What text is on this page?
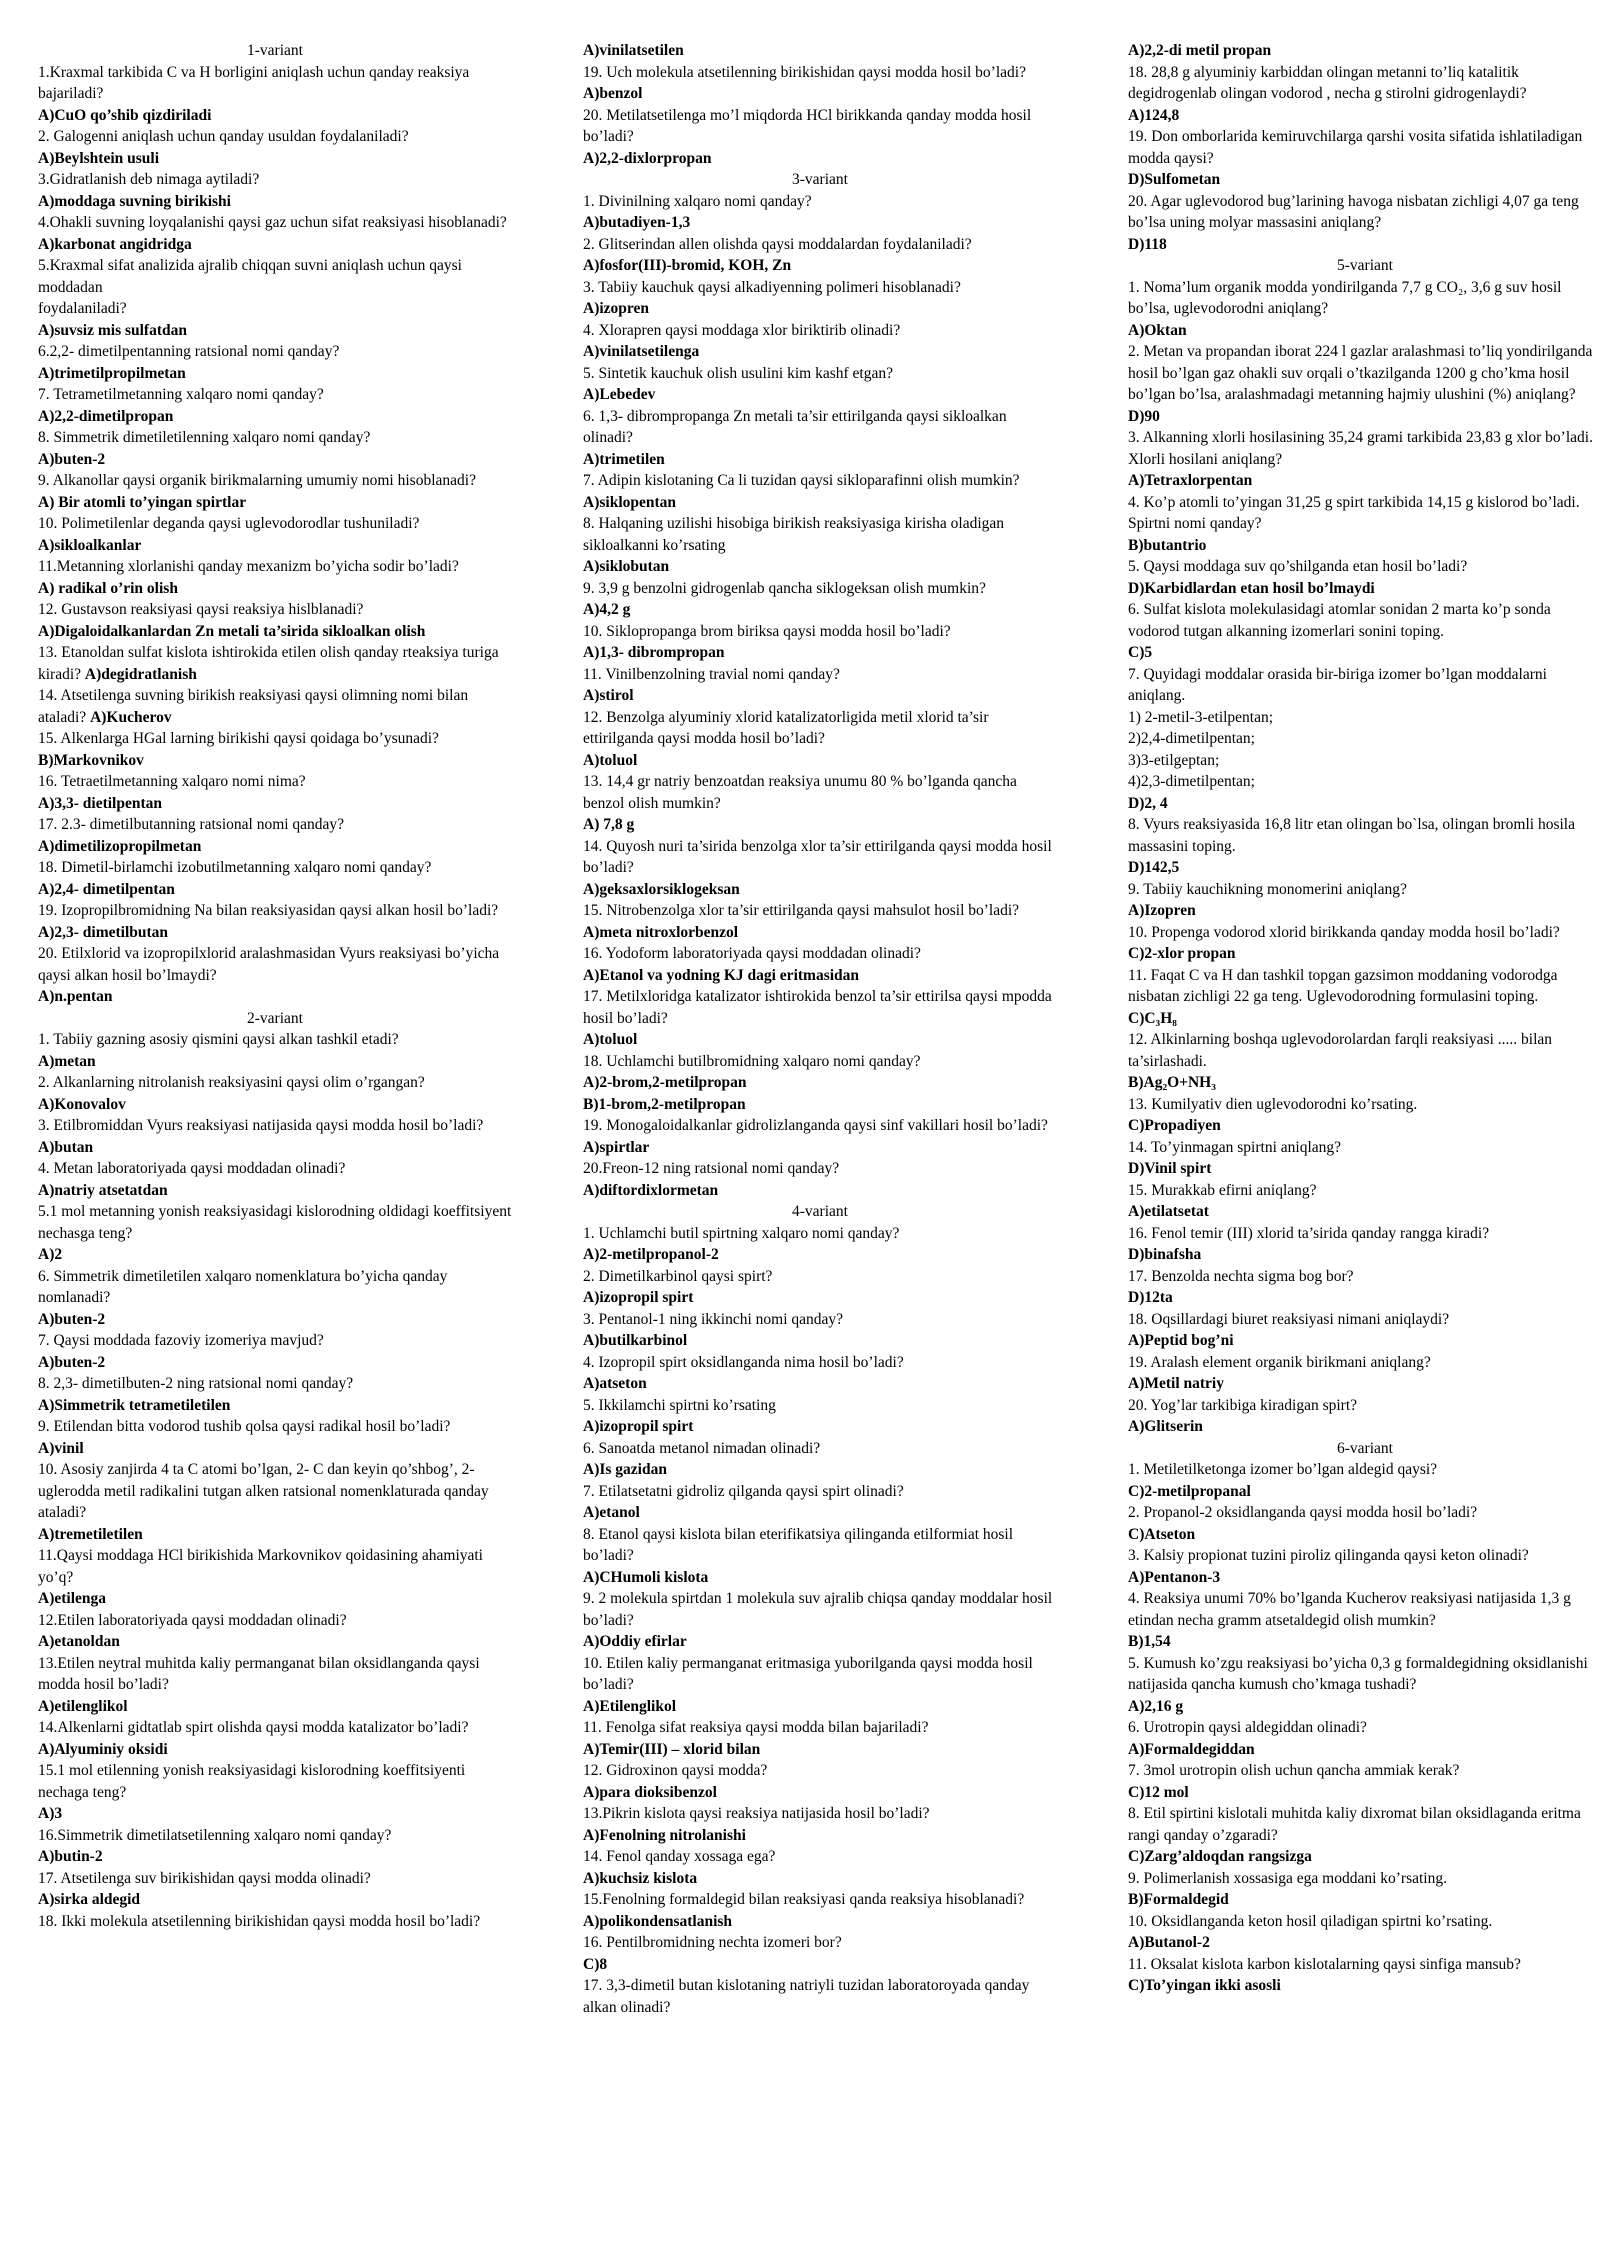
1-variant

1.Kraxmal tarkibida C va H borligini aniqlash uchun qanday reaksiya bajariladi?

A)CuO qo’shib qizdiriladi

2. Galogenni aniqlash uchun qanday usuldan foydalaniladi?

A)Beylshtein usuli

3.Gidratlanish deb nimaga aytiladi?

A)moddaga suvning birikishi

4.Ohakli suvning loyqalanishi qaysi gaz uchun sifat reaksiyasi hisoblanadi? A)karbonat angidridga

5.Kraxmal sifat analizida ajralib chiqqan suvni aniqlash uchun qaysi moddadan

foydalaniladi?

A)suvsiz mis sulfatdan

6.2,2- dimetilpentanning ratsional nomi qanday?

A)trimetilpropilmetan

7. Tetrametilmetanning xalqaro nomi qanday?

A)2,2-dimetilpropan

8. Simmetrik dimetiletilenning xalqaro nomi qanday?

A)buten-2

9. Alkanollar qaysi organik birikmalarning umumiy nomi hisoblanadi?

A) Bir atomli to’yingan spirtlar

10. Polimetilenlar deganda qaysi uglevodorodlar tushuniladi?

A)sikloalkanlar

11.Metanning xlorlanishi qanday mexanizm bo’yicha sodir bo’ladi?

A) radikal o’rin olish

12. Gustavson reaksiyasi qaysi reaksiya hislblanadi?

A)Digaloidalkanlardan Zn metali ta’sirida sikloalkan olish

13. Etanoldan sulfat kislota ishtirokida etilen olish qanday rteaksiya turiga kiradi? A)degidratlanish

14. Atsetilenga suvning birikish reaksiyasi qaysi olimning nomi bilan ataladi? A)Kucherov

15. Alkenlarga HGal larning birikishi qaysi qoidaga bo’ysunadi?

B)Markovnikov

16. Tetraetilmetanning xalqaro nomi nima?

A)3,3- dietilpentan

17. 2.3- dimetilbutanning ratsional nomi qanday?

A)dimetilizopropilmetan

18. Dimetil-birlamchi izobutilmetanning xalqaro nomi qanday?

A)2,4- dimetilpentan

19. Izopropilbromidning Na bilan reaksiyasidan qaysi alkan hosil bo’ladi?

A)2,3- dimetilbutan

20. Etilxlorid va izopropilxlorid aralashmasidan Vyurs reaksiyasi bo’yicha qaysi alkan hosil bo’lmaydi?

A)n.pentan

2-variant

1. Tabiiy gazning asosiy qismini qaysi alkan tashkil etadi?

A)metan

2. Alkanlarning nitrolanish reaksiyasini qaysi olim o’rgangan?

A)Konovalov

3. Etilbromiddan Vyurs reaksiyasi natijasida qaysi modda hosil bo’ladi?

A)butan

4. Metan laboratoriyada qaysi moddadan olinadi?

A)natriy atsetatdan

5.1 mol metanning yonish reaksiyasidagi kislorodning oldidagi koeffitsiyent nechasga teng?

A)2

6. Simmetrik dimetiletilen xalqaro nomenklatura bo’yicha qanday nomlanadi?

A)buten-2

7. Qaysi moddada fazoviy izomeriya mavjud?

A)buten-2

8. 2,3- dimetilbuten-2 ning ratsional nomi qanday?

A)Simmetrik tetrametiletilen

9. Etilendan bitta vodorod tushib qolsa qaysi radikal hosil bo’ladi?

A)vinil

10. Asosiy zanjirda 4 ta C atomi bo’lgan, 2- C dan keyin qo’shbog’, 2- uglerodda metil radikalini tutgan alken ratsional nomenklaturada qanday ataladi?

A)tremetiletilen

11.Qaysi moddaga HCl birikishida Markovnikov qoidasining ahamiyati yo’q?

A)etilenga

12.Etilen laboratoriyada qaysi moddadan olinadi?

A)etanoldan

13.Etilen neytral muhitda kaliy permanganat bilan oksidlanganda qaysi modda hosil bo’ladi?

A)etilenglikol

14.Alkenlarni gidtatlab spirt olishda qaysi modda katalizator bo’ladi?

A)Alyuminiy oksidi

15.1 mol etilenning yonish reaksiyasidagi kislorodning koeffitsiyenti nechaga teng?

A)3

16.Simmetrik dimetilatsetilenning xalqaro nomi qanday?

A)butin-2

17. Atsetilenga suv birikishidan qaysi modda olinadi?

A)sirka aldegid

18. Ikki molekula atsetilenning birikishidan qaysi modda hosil bo’ladi?

A)vinilatsetilen

19. Uch molekula atsetilenning birikishidan qaysi modda hosil bo’ladi?

A)benzol

20. Metilatsetilenga mo’l miqdorda HCl birikkanda qanday modda hosil bo’ladi?

A)2,2-dixlorpropan

3-variant

1. Divinilning xalqaro nomi qanday?

A)butadiyen-1,3

2. Glitserindan allen olishda qaysi moddalardan foydalaniladi?

A)fosfor(III)-bromid, KOH, Zn

3. Tabiiy kauchuk qaysi alkadiyenning polimeri hisoblanadi?

A)izopren

4. Xlorapren qaysi moddaga xlor biriktirib olinadi?

A)vinilatsetilenga

5. Sintetik kauchuk olish usulini kim kashf etgan?

A)Lebedev

6. 1,3- dibrompropanga Zn metali ta’sir ettirilganda qaysi sikloalkan olinadi?

A)trimetilen

7. Adipin kislotaning Ca li tuzidan qaysi sikloparafinni olish mumkin?

A)siklopentan

8. Halqaning uzilishi hisobiga birikish reaksiyasiga kirisha oladigan sikloalkanni ko’rsating

A)siklobutan

9. 3,9 g benzolni gidrogenlab qancha siklogeksan olish mumkin?

A)4,2 g

10. Siklopropanga brom biriksa qaysi modda hosil bo’ladi?

A)1,3- dibrompropan

11. Vinilbenzolning travial nomi qanday?

A)stirol

12. Benzolga alyuminiy xlorid katalizatorligida metil xlorid ta’sir ettirilganda qaysi modda hosil bo’ladi?

A)toluol

13. 14,4 gr natriy benzoatdan reaksiya unumu 80 % bo’lganda qancha benzol olish mumkin?

A) 7,8 g

14. Quyosh nuri ta’sirida benzolga xlor ta’sir ettirilganda qaysi modda hosil bo’ladi?

A)geksaxlorsiklogeksan

15. Nitrobenzolga xlor ta’sir ettirilganda qaysi mahsulot hosil bo’ladi?

A)meta nitroxlorbenzol

16. Yodoform laboratoriyada qaysi moddadan olinadi?

A)Etanol va yodning KJ dagi eritmasidan

17. Metilxloridga katalizator ishtirokida benzol ta’sir ettirilsa qaysi mpodda hosil bo’ladi?

A)toluol

18. Uchlamchi butilbromidning xalqaro nomi qanday?

A)2-brom,2-metilpropan

B)1-brom,2-metilpropan

19. Monogaloidalkanlar gidrolizlanganda qaysi sinf vakillari hosil bo’ladi?

A)spirtlar

20.Freon-12 ning ratsional nomi qanday?

A)diftordixlormetan

4-variant

1. Uchlamchi butil spirtning xalqaro nomi qanday?

A)2-metilpropanol-2

2. Dimetilkarbinol qaysi spirt?

A)izopropil spirt

3. Pentanol-1 ning ikkinchi nomi qanday?

A)butilkarbinol

4. Izopropil spirt oksidlanganda nima hosil bo’ladi?

A)atseton

5. Ikkilamchi spirtni ko’rsating

A)izopropil spirt

6. Sanoatda metanol nimadan olinadi?

A)Is gazidan

7. Etilatsetatni gidroliz qilganda qaysi spirt olinadi?

A)etanol

8. Etanol qaysi kislota bilan eterifikatsiya qilinganda etilformiat hosil bo’ladi?

A)CHumoli kislota

9. 2 molekula spirtdan 1 molekula suv ajralib chiqsa qanday moddalar hosil bo’ladi?

A)Oddiy efirlar

10. Etilen kaliy permanganat eritmasiga yuborilganda qaysi modda hosil bo’ladi?

A)Etilenglikol

11. Fenolga sifat reaksiya qaysi modda bilan bajariladi?

A)Temir(III) – xlorid bilan

12. Gidroxinon qaysi modda?

A)para dioksibenzol

13.Pikrin kislota qaysi reaksiya natijasida hosil bo’ladi?

A)Fenolning nitrolanishi

14. Fenol qanday xossaga ega?

A)kuchsiz kislota

15.Fenolning formaldegid bilan reaksiyasi qanda reaksiya hisoblanadi?

A)polikondensatlanish

16. Pentilbromidning nechta izomeri bor?

C)8

17. 3,3-dimetil butan kislotaning natriyli tuzidan laboratoroyada qanday alkan olinadi?

A)2,2-di metil propan

18. 28,8 g alyuminiy karbiddan olingan metanni to’liq katalitik degidrogenlab olingan vodorod , necha g stirolni gidrogenlaydi?

A)124,8

19. Don omborlarida kemiruvchilarga qarshi vosita sifatida ishlatiladigan modda qaysi?

D)Sulfometan

20. Agar uglevodorod bug’larining havoga nisbatan zichligi 4,07 ga teng bo’lsa uning molyar massasini aniqlang?

D)118

5-variant

1. Noma’lum organik modda yondirilganda 7,7 g CO₂, 3,6 g suv hosil bo’lsa, uglevodorodni aniqlang?

A)Oktan

2. Metan va propandan iborat 224 l gazlar aralashmasi to’liq yondirilganda hosil bo’lgan gaz ohakli suv orqali o’tkazilganda 1200 g cho’kma hosil bo’lgan bo’lsa, aralashmadagi metanning hajmiy ulushini (%) aniqlang?

D)90

3. Alkanning xlorli hosilasining 35,24 grami tarkibida 23,83 g xlor bo’ladi. Xlorli hosilani aniqlang?

A)Tetraxlorpentan

4. Ko’p atomli to’yingan 31,25 g spirt tarkibida 14,15 g kislorod bo’ladi. Spirtni nomi qanday?

B)butantrio

5. Qaysi moddaga suv qo’shilganda etan hosil bo’ladi?

D)Karbidlardan etan hosil bo’lmaydi

6. Sulfat kislota molekulasidagi atomlar sonidan 2 marta ko’p sonda vodorod tutgan alkanning izomerlari sonini toping.

C)5

7. Quyidagi moddalar orasida bir-biriga izomer bo’lgan moddalarni aniqlang.

1) 2-metil-3-etilpentan;

2)2,4-dimetilpentan;

3)3-etilgeptan;

4)2,3-dimetilpentan;

D)2, 4

8. Vyurs reaksiyasida 16,8 litr etan olingan bo`lsa, olingan bromli hosila massasini toping.

D)142,5

9. Tabiiy kauchikning monomerini aniqlang?

A)Izopren

10. Propenga vodorod xlorid birikkanda qanday modda hosil bo’ladi?

C)2-xlor propan

11. Faqat C va H dan tashkil topgan gazsimon moddaning vodorodga nisbatan zichligi 22 ga teng. Uglevodorodning formulasini toping.

C)C₃H₈

12. Alkinlarning boshqa uglevodorolardan farqli reaksiyasi ..... bilan ta’sirlashadi.

B)Ag₂O+NH₃

13. Kumilyativ dien uglevodorodni ko’rsating.

C)Propadiyen

14. To’yinmagan spirtni aniqlang?

D)Vinil spirt

15. Murakkab efirni aniqlang?

A)etilatsetat

16. Fenol temir (III) xlorid ta’sirida qanday rangga kiradi?

D)binafsha

17. Benzolda nechta sigma bog bor?

D)12ta

18. Oqsillardagi biuret reaksiyasi nimani aniqlaydi?

A)Peptid bog’ni

19. Aralash element organik birikmani aniqlang?

A)Metil natriy

20. Yog’lar tarkibiga kiradigan spirt?

A)Glitserin

6-variant

1. Metiletilketonga izomer bo’lgan aldegid qaysi?

C)2-metilpropanal

2. Propanol-2 oksidlanganda qaysi modda hosil bo’ladi?

C)Atseton

3. Kalsiy propionat tuzini piroliz qilinganda qaysi keton olinadi?

A)Pentanon-3

4. Reaksiya unumi 70% bo’lganda Kucherov reaksiyasi natijasida 1,3 g etindan necha gramm atsetaldegid olish mumkin?

B)1,54

5. Kumush ko’zgu reaksiyasi bo’yicha 0,3 g formaldegidning oksidlanishi natijasida qancha kumush cho’kmaga tushadi?

A)2,16 g

6. Urotropin qaysi aldegiddan olinadi?

A)Formaldegiddan

7. 3mol urotropin olish uchun qancha ammiak kerak?

C)12 mol

8. Etil spirtini kislotali muhitda kaliy dixromat bilan oksidlaganda eritma rangi qanday o’zgaradi?

C)Zarg’aldoqdan rangsizga

9. Polimerlanish xossasiga ega moddani ko’rsating.

B)Formaldegid

10. Oksidlanganda keton hosil qiladigan spirtni ko’rsating.

A)Butanol-2

11. Oksalat kislota karbon kislotalarning qaysi sinfiga mansub?

C)To’yingan ikki asosli
